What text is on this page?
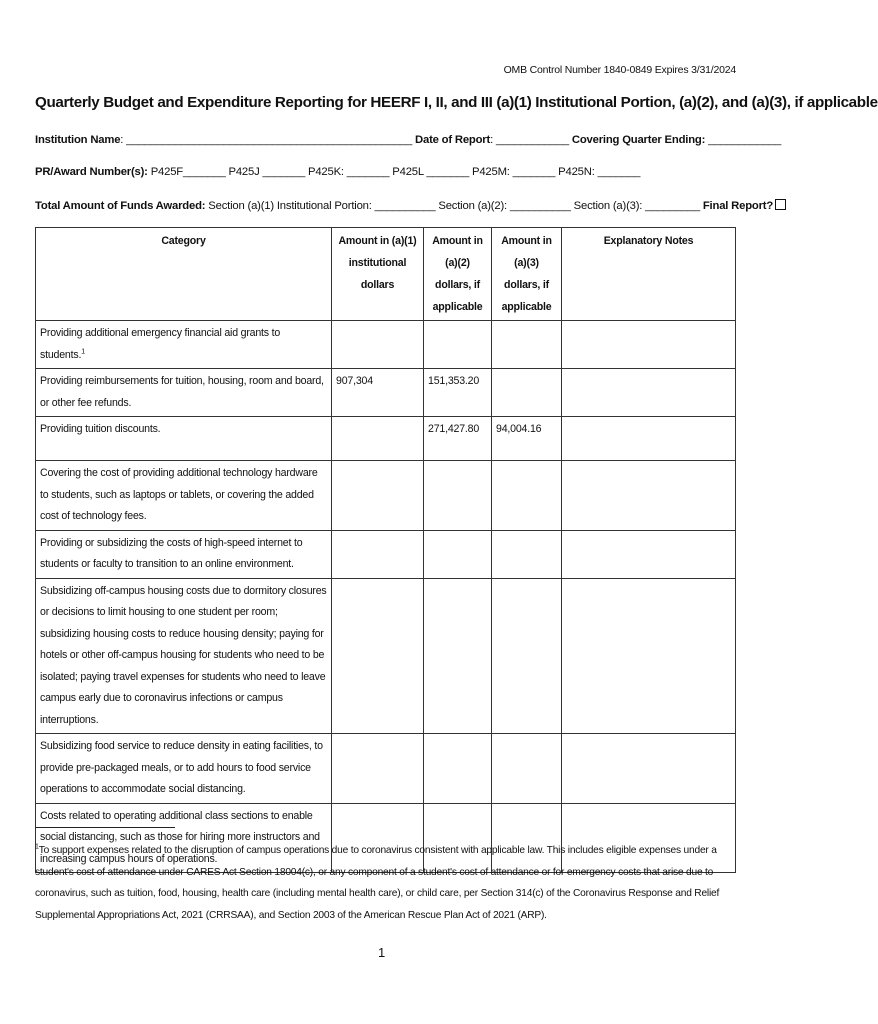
OMB Control Number 1840-0849 Expires 3/31/2024
Quarterly Budget and Expenditure Reporting for HEERF I, II, and III (a)(1) Institutional Portion, (a)(2), and (a)(3), if applicable
Institution Name: _______________________________________________ Date of Report: ____________ Covering Quarter Ending: ____________
PR/Award Number(s): P425F_______ P425J _______ P425K: _______ P425L _______ P425M: _______ P425N: _______
Total Amount of Funds Awarded: Section (a)(1) Institutional Portion: __________ Section (a)(2): __________ Section (a)(3): _________ Final Report?
Category	Amount in (a)(1) institutional dollars	Amount in (a)(2) dollars, if applicable	Amount in (a)(3) dollars, if applicable	Explanatory Notes
Providing additional emergency financial aid grants to students.$^1$				
Providing reimbursements for tuition, housing, room and board, or other fee refunds.	907,304	151,353.20		
Providing tuition discounts.		271,427.80	94,004.16	
Covering the cost of providing additional technology hardware to students, such as laptops or tablets, or covering the added cost of technology fees.				
Providing or subsidizing the costs of high-speed internet to students or faculty to transition to an online environment.				
Subsidizing off-campus housing costs due to dormitory closures or decisions to limit housing to one student per room; subsidizing housing costs to reduce housing density; paying for hotels or other off-campus housing for students who need to be isolated; paying travel expenses for students who need to leave campus early due to coronavirus infections or campus interruptions.				
Subsidizing food service to reduce density in eating facilities, to provide pre-packaged meals, or to add hours to food service operations to accommodate social distancing.				
Costs related to operating additional class sections to enable social distancing, such as those for hiring more instructors and increasing campus hours of operations.				
$^1$To support expenses related to the disruption of campus operations due to coronavirus consistent with applicable law. This includes eligible expenses under a student's cost of attendance under CARES Act Section 18004(c), or any component of a student's cost of attendance or for emergency costs that arise due to coronavirus, such as tuition, food, housing, health care (including mental health care), or child care, per Section 314(c) of the Coronavirus Response and Relief Supplemental Appropriations Act, 2021 (CRRSAA), and Section 2003 of the American Rescue Plan Act of 2021 (ARP).
1
